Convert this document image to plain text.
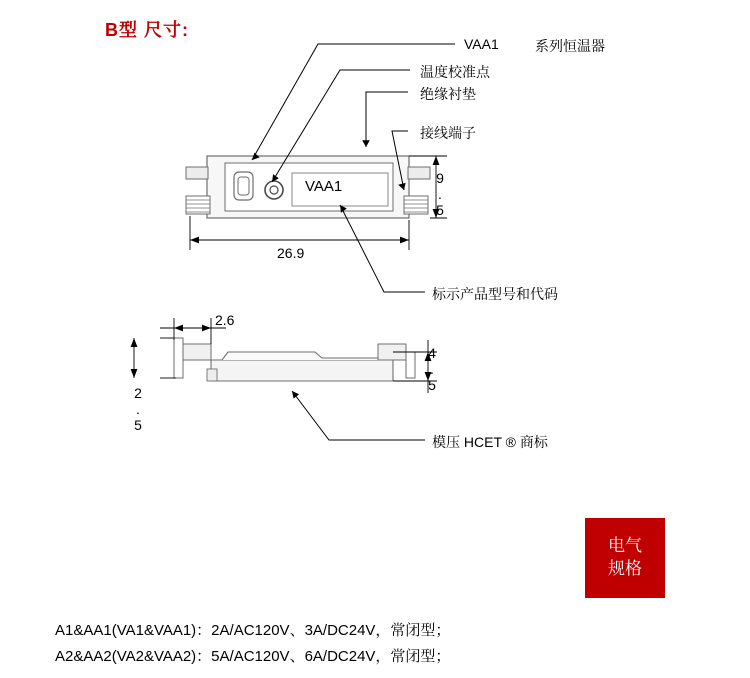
B型 尺寸:
VAA1
VAA1	系列恒温器
温度校准点
绝缘衬垫
接线端子
标示产品型号和代码
26.9
9.5
2.6
4.5
2.5
模压 HCET ® 商标
电气
规格
A1&AA1(VA1&VAA1)：2A/AC120V、3A/DC24V，常闭型；
A2&AA2(VA2&VAA2)：5A/AC120V、6A/DC24V，常闭型；
